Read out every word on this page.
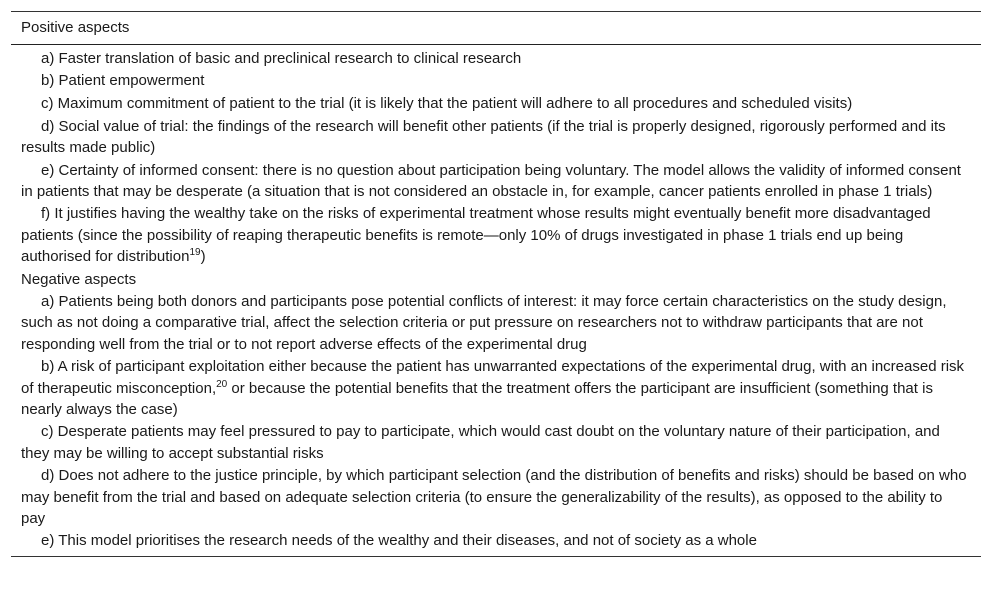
Positive aspects
a) Faster translation of basic and preclinical research to clinical research
b) Patient empowerment
c) Maximum commitment of patient to the trial (it is likely that the patient will adhere to all procedures and scheduled visits)
d) Social value of trial: the findings of the research will benefit other patients (if the trial is properly designed, rigorously performed and its results made public)
e) Certainty of informed consent: there is no question about participation being voluntary. The model allows the validity of informed consent in patients that may be desperate (a situation that is not considered an obstacle in, for example, cancer patients enrolled in phase 1 trials)
f) It justifies having the wealthy take on the risks of experimental treatment whose results might eventually benefit more disadvantaged patients (since the possibility of reaping therapeutic benefits is remote—only 10% of drugs investigated in phase 1 trials end up being authorised for distribution$^{19}$)
Negative aspects
a) Patients being both donors and participants pose potential conflicts of interest: it may force certain characteristics on the study design, such as not doing a comparative trial, affect the selection criteria or put pressure on researchers not to withdraw participants that are not responding well from the trial or to not report adverse effects of the experimental drug
b) A risk of participant exploitation either because the patient has unwarranted expectations of the experimental drug, with an increased risk of therapeutic misconception,$^{20}$ or because the potential benefits that the treatment offers the participant are insufficient (something that is nearly always the case)
c) Desperate patients may feel pressured to pay to participate, which would cast doubt on the voluntary nature of their participation, and they may be willing to accept substantial risks
d) Does not adhere to the justice principle, by which participant selection (and the distribution of benefits and risks) should be based on who may benefit from the trial and based on adequate selection criteria (to ensure the generalizability of the results), as opposed to the ability to pay
e) This model prioritises the research needs of the wealthy and their diseases, and not of society as a whole
